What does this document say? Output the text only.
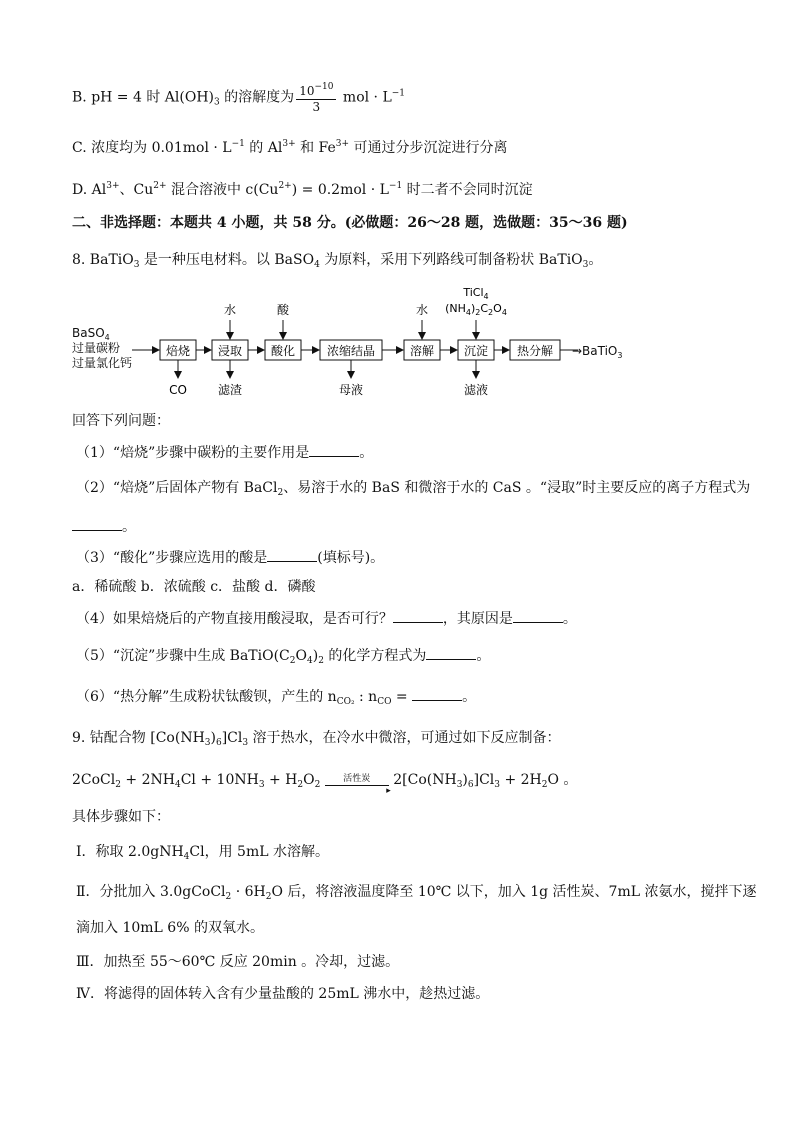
B. pH = 4 时 $Al(OH)_3$ 的溶解度为 $\frac{10^{-10}}{3}$ mol · $L^{-1}$
C. 浓度均为 $0.01mol \cdot L^{-1}$ 的 $Al^{3+}$ 和 $Fe^{3+}$ 可通过分步沉淀进行分离
D. $Al^{3+}$、$Cu^{2+}$ 混合溶液中 $c(Cu^{2+}) = 0.2mol \cdot L^{-1}$ 时二者不会同时沉淀
二、非选择题：本题共 4 小题，共 58 分。(必做题：26～28 题，选做题：35～36 题)
8. BaTiO$_3$ 是一种压电材料。以 BaSO$_4$ 为原料，采用下列路线可制备粉状 BaTiO$_3$。
BaSO$_4$
过量碳粉
过量氯化钙
焙烧 浸取 酸化	浓缩结晶	溶解 沉淀 热分解 →BaTiO$_3$
水	酸	水
TiCl$_4$
$(NH_4)_2C_2O_4$
CO	滤渣	母液	滤液
回答下列问题：
（1）“焙烧”步骤中碳粉的主要作用是	。
（2）“焙烧”后固体产物有 BaCl$_2$、易溶于水的 BaS 和微溶于水的 CaS 。“浸取”时主要反应的离子方程式为
。
（3）“酸化”步骤应选用的酸是	(填标号)。
a．稀硫酸 b．浓硫酸 c．盐酸 d．磷酸
（4）如果焙烧后的产物直接用酸浸取，是否可行？	，其原因是	。
（5）“沉淀”步骤中生成 $BaTiO(C_2O_4)_2$ 的化学方程式为	。
（6）“热分解”生成粉状钛酸钡，产生的 $n_{CO_2}$ : $n_{CO}$ =	。
9. 钴配合物 $[Co(NH_3)_6]Cl_3$ 溶于热水，在冷水中微溶，可通过如下反应制备：
2CoCl$_2$ + $2NH_4Cl + 10NH_3 + H_2O_2$
活性炭
▸
$2[Co(NH_3)_6]Cl_3 + 2H_2O$ 。
具体步骤如下：
Ⅰ．称取 2.0gNH$_4$Cl，用 5mL 水溶解。
Ⅱ．分批加入 3.0gCoCl$_2$ · $6H_2O$ 后，将溶液温度降至 10℃ 以下，加入 1g 活性炭、7mL 浓氨水，搅拌下逐
滴加入 10mL 6% 的双氧水。
Ⅲ．加热至 55～60℃ 反应 20min 。冷却，过滤。
Ⅳ．将滤得的固体转入含有少量盐酸的 25mL 沸水中，趁热过滤。
